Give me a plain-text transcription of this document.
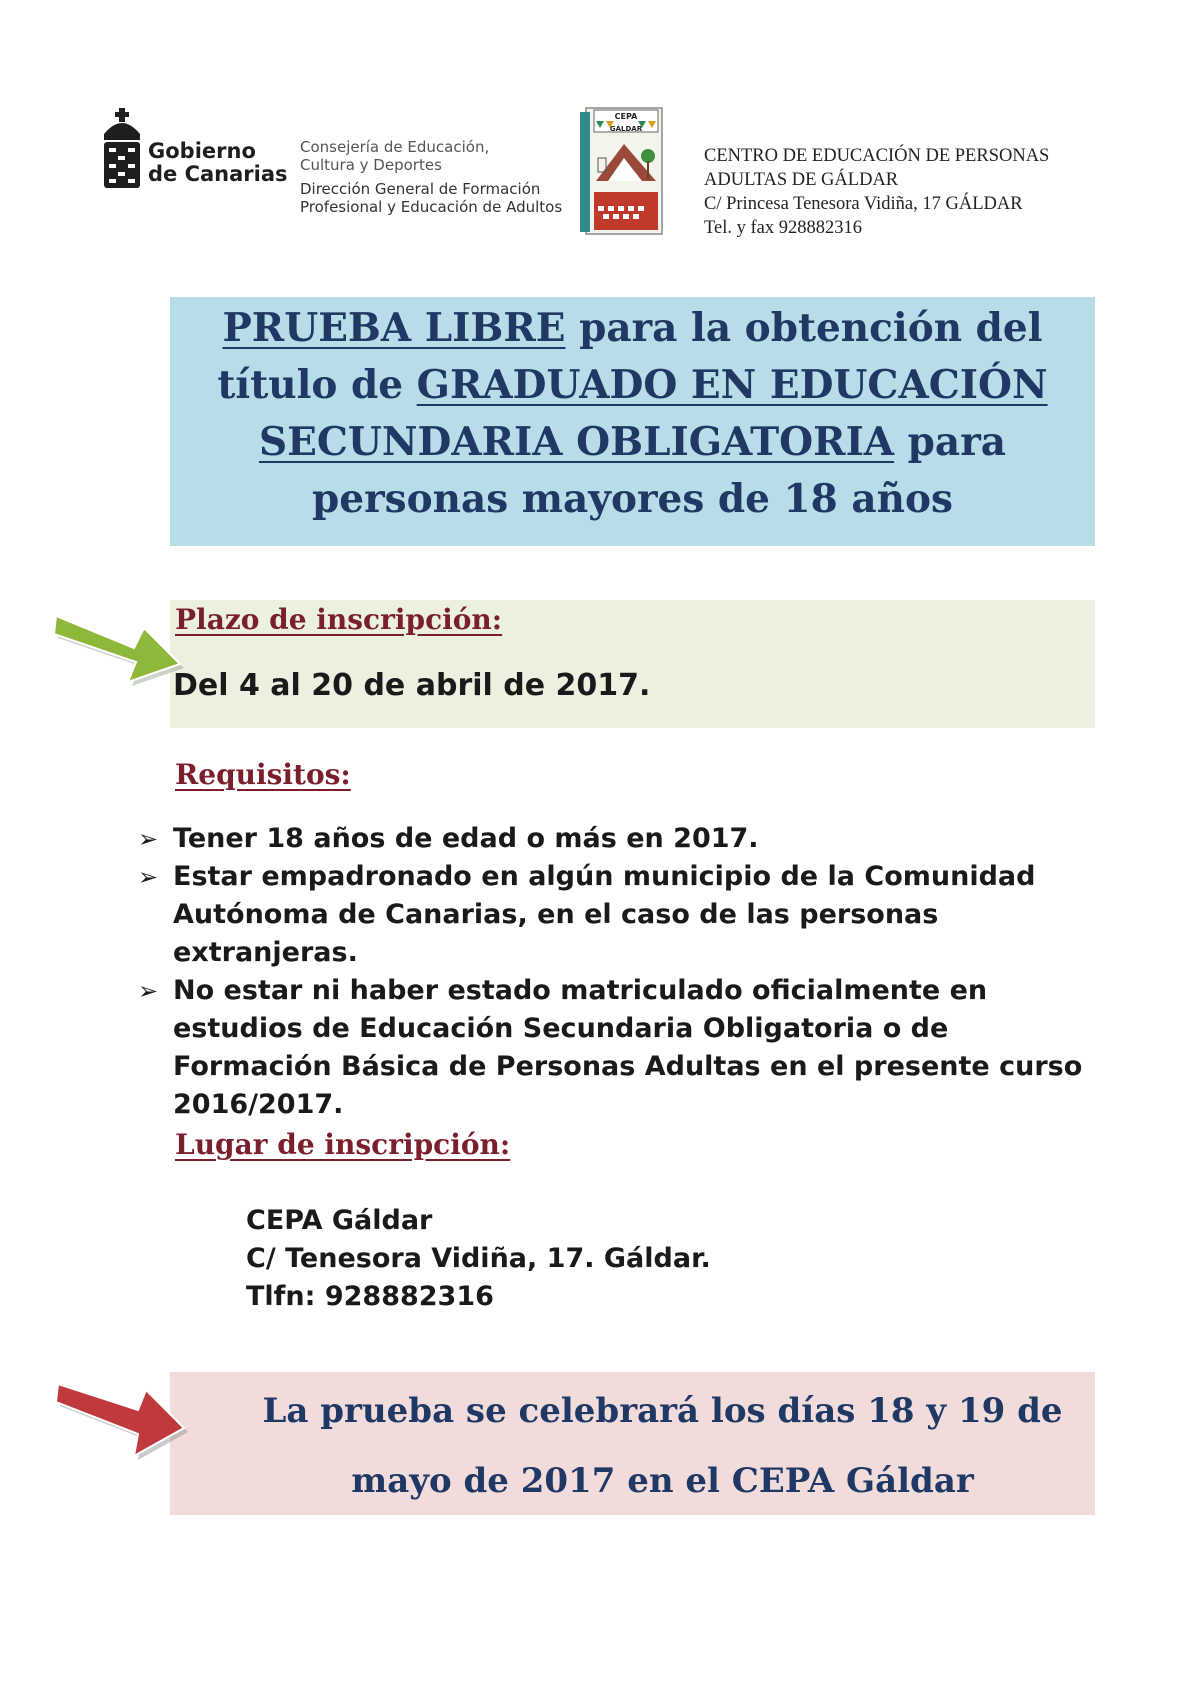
Gobierno
de Canarias
Consejería de Educación,
Cultura y Deportes
Dirección General de Formación
Profesional y Educación de Adultos
CEPA
GÁLDAR
CENTRO DE EDUCACIÓN DE PERSONAS
ADULTAS DE GÁLDAR
C/ Princesa Tenesora Vidiña, 17 GÁLDAR
Tel. y fax 928882316
PRUEBA LIBRE para la obtención del título de GRADUADO EN EDUCACIÓN SECUNDARIA OBLIGATORIA para personas mayores de 18 años
Plazo de inscripción:
Del 4 al 20 de abril de 2017.
Requisitos:
➢ Tener 18 años de edad o más en 2017.
➢ Estar empadronado en algún municipio de la Comunidad Autónoma de Canarias, en el caso de las personas extranjeras.
➢ No estar ni haber estado matriculado oficialmente en estudios de Educación Secundaria Obligatoria o de Formación Básica de Personas Adultas en el presente curso 2016/2017.
Lugar de inscripción:
CEPA Gáldar
C/ Tenesora Vidiña, 17. Gáldar.
Tlfn: 928882316
La prueba se celebrará los días 18 y 19 de mayo de 2017 en el CEPA Gáldar
